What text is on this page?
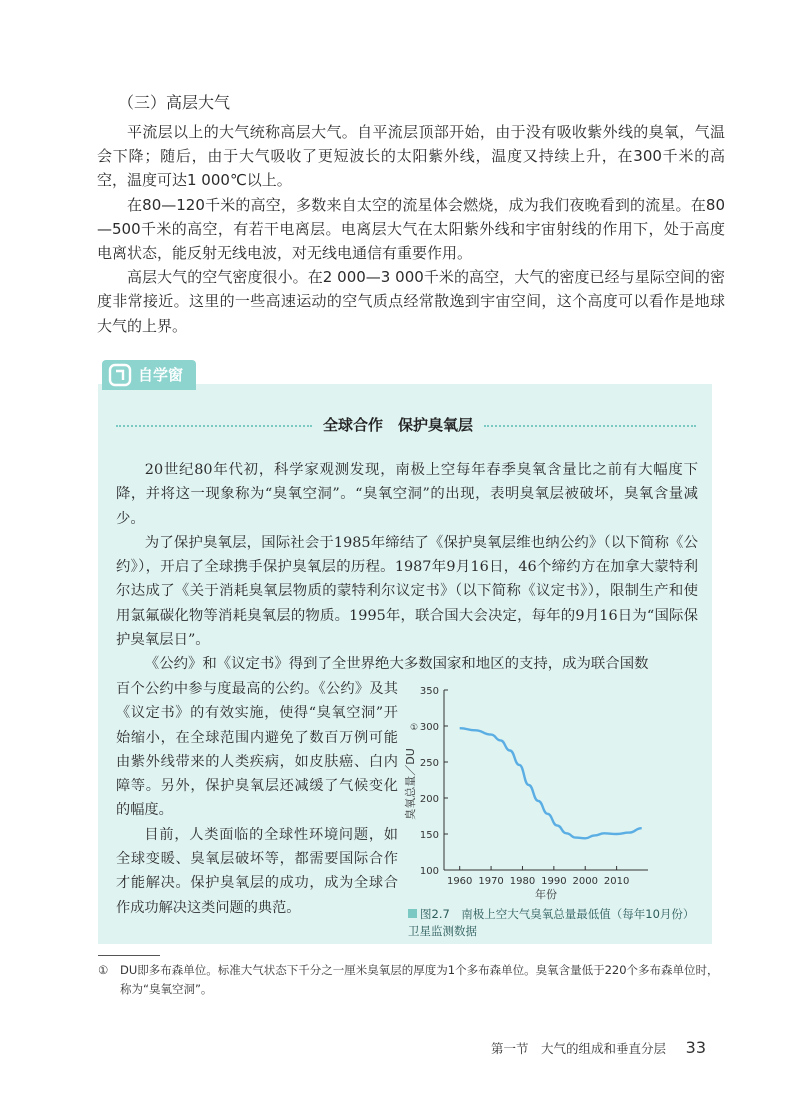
（三）高层大气

平流层以上的大气统称高层大气。自平流层顶部开始，由于没有吸收紫外线的臭氧，气温会下降；随后，由于大气吸收了更短波长的太阳紫外线，温度又持续上升，在300千米的高空，温度可达1 000℃以上。

在80—120千米的高空，多数来自太空的流星体会燃烧，成为我们夜晚看到的流星。在80—500千米的高空，有若干电离层。电离层大气在太阳紫外线和宇宙射线的作用下，处于高度电离状态，能反射无线电波，对无线电通信有重要作用。

高层大气的空气密度很小。在2 000—3 000千米的高空，大气的密度已经与星际空间的密度非常接近。这里的一些高速运动的空气质点经常散逸到宇宙空间，这个高度可以看作是地球大气的上界。

自学窗
全球合作　保护臭氧层

20世纪80年代初，科学家观测发现，南极上空每年春季臭氧含量比之前有大幅度下降，并将这一现象称为“臭氧空洞”。“臭氧空洞”的出现，表明臭氧层被破坏，臭氧含量减少。

为了保护臭氧层，国际社会于1985年缔结了《保护臭氧层维也纳公约》（以下简称《公约》），开启了全球携手保护臭氧层的历程。1987年9月16日，46个缔约方在加拿大蒙特利尔达成了《关于消耗臭氧层物质的蒙特利尔议定书》（以下简称《议定书》），限制生产和使用氯氟碳化物等消耗臭氧层的物质。1995年，联合国大会决定，每年的9月16日为“国际保护臭氧层日”。

《公约》和《议定书》得到了全世界绝大多数国家和地区的支持，成为联合国数

百个公约中参与度最高的公约。《公约》及其《议定书》的有效实施，使得“臭氧空洞”开始缩小，在全球范围内避免了数百万例可能由紫外线带来的人类疾病，如皮肤癌、白内障等。另外，保护臭氧层还减缓了气候变化的幅度。

目前，人类面临的全球性环境问题，如全球变暖、臭氧层破坏等，都需要国际合作才能解决。保护臭氧层的成功，成为全球合作成功解决这类问题的典范。

100
150
200
250
300
350
1960 1970 1980 1990 2000 2010
臭氧总量／DU
①
年份
图2.7　南极上空大气臭氧总量最低值（每年10月份）卫星监测数据
① DU即多布森单位。标准大气状态下千分之一厘米臭氧层的厚度为1个多布森单位。臭氧含量低于220个多布森单位时，称为“臭氧空洞”。
第一节　大气的组成和垂直分层 33
